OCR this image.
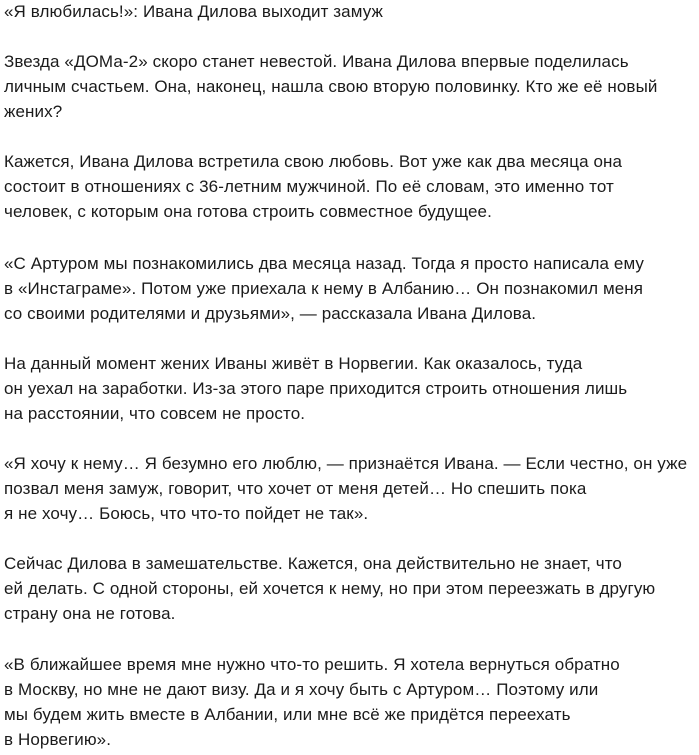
«Я влюбилась!»: Ивана Дилова выходит замуж
Звезда «ДОМа-2» скоро станет невестой. Ивана Дилова впервые поделилась
личным счастьем. Она, наконец, нашла свою вторую половинку. Кто же её новый
жених?
Кажется, Ивана Дилова встретила свою любовь. Вот уже как два месяца она
состоит в отношениях с 36-летним мужчиной. По её словам, это именно тот
человек, с которым она готова строить совместное будущее.
«С Артуром мы познакомились два месяца назад. Тогда я просто написала ему
в «Инстаграме». Потом уже приехала к нему в Албанию… Он познакомил меня
со своими родителями и друзьями», — рассказала Ивана Дилова.
На данный момент жених Иваны живёт в Норвегии. Как оказалось, туда
он уехал на заработки. Из-за этого паре приходится строить отношения лишь
на расстоянии, что совсем не просто.
«Я хочу к нему… Я безумно его люблю, — признаётся Ивана. — Если честно, он уже
позвал меня замуж, говорит, что хочет от меня детей… Но спешить пока
я не хочу… Боюсь, что что-то пойдет не так».
Сейчас Дилова в замешательстве. Кажется, она действительно не знает, что
ей делать. С одной стороны, ей хочется к нему, но при этом переезжать в другую
страну она не готова.
«В ближайшее время мне нужно что-то решить. Я хотела вернуться обратно
в Москву, но мне не дают визу. Да и я хочу быть с Артуром… Поэтому или
мы будем жить вместе в Албании, или мне всё же придётся переехать
в Норвегию».
